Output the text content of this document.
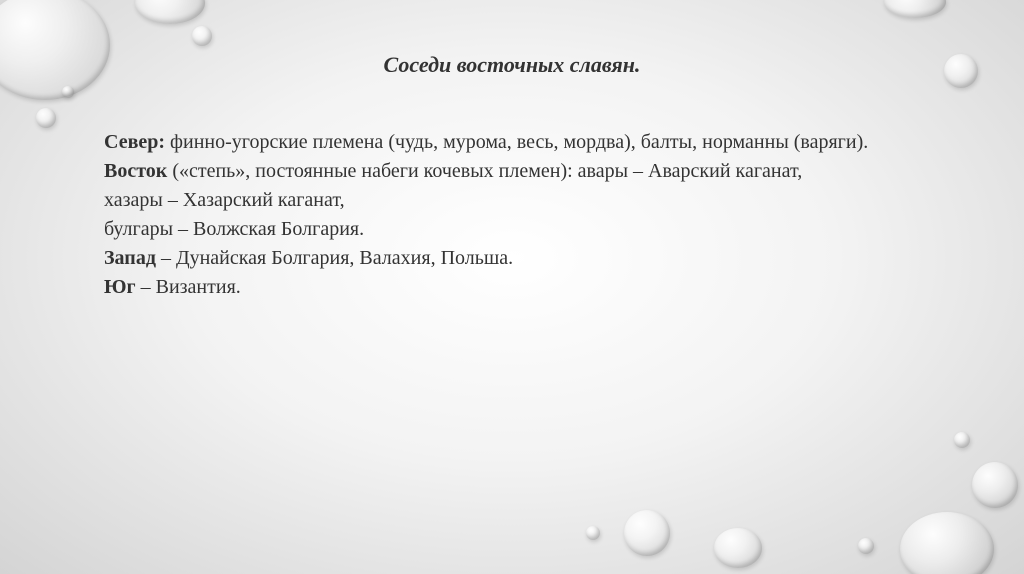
Соседи восточных славян.

Север: финно-угорские племена (чудь, мурома, весь, мордва), балты, норманны (варяги).

Восток («степь», постоянные набеги кочевых племен): авары – Аварский каганат,

хазары – Хазарский каганат,

булгары – Волжская Болгария.

Запад – Дунайская Болгария, Валахия, Польша.

Юг – Византия.
